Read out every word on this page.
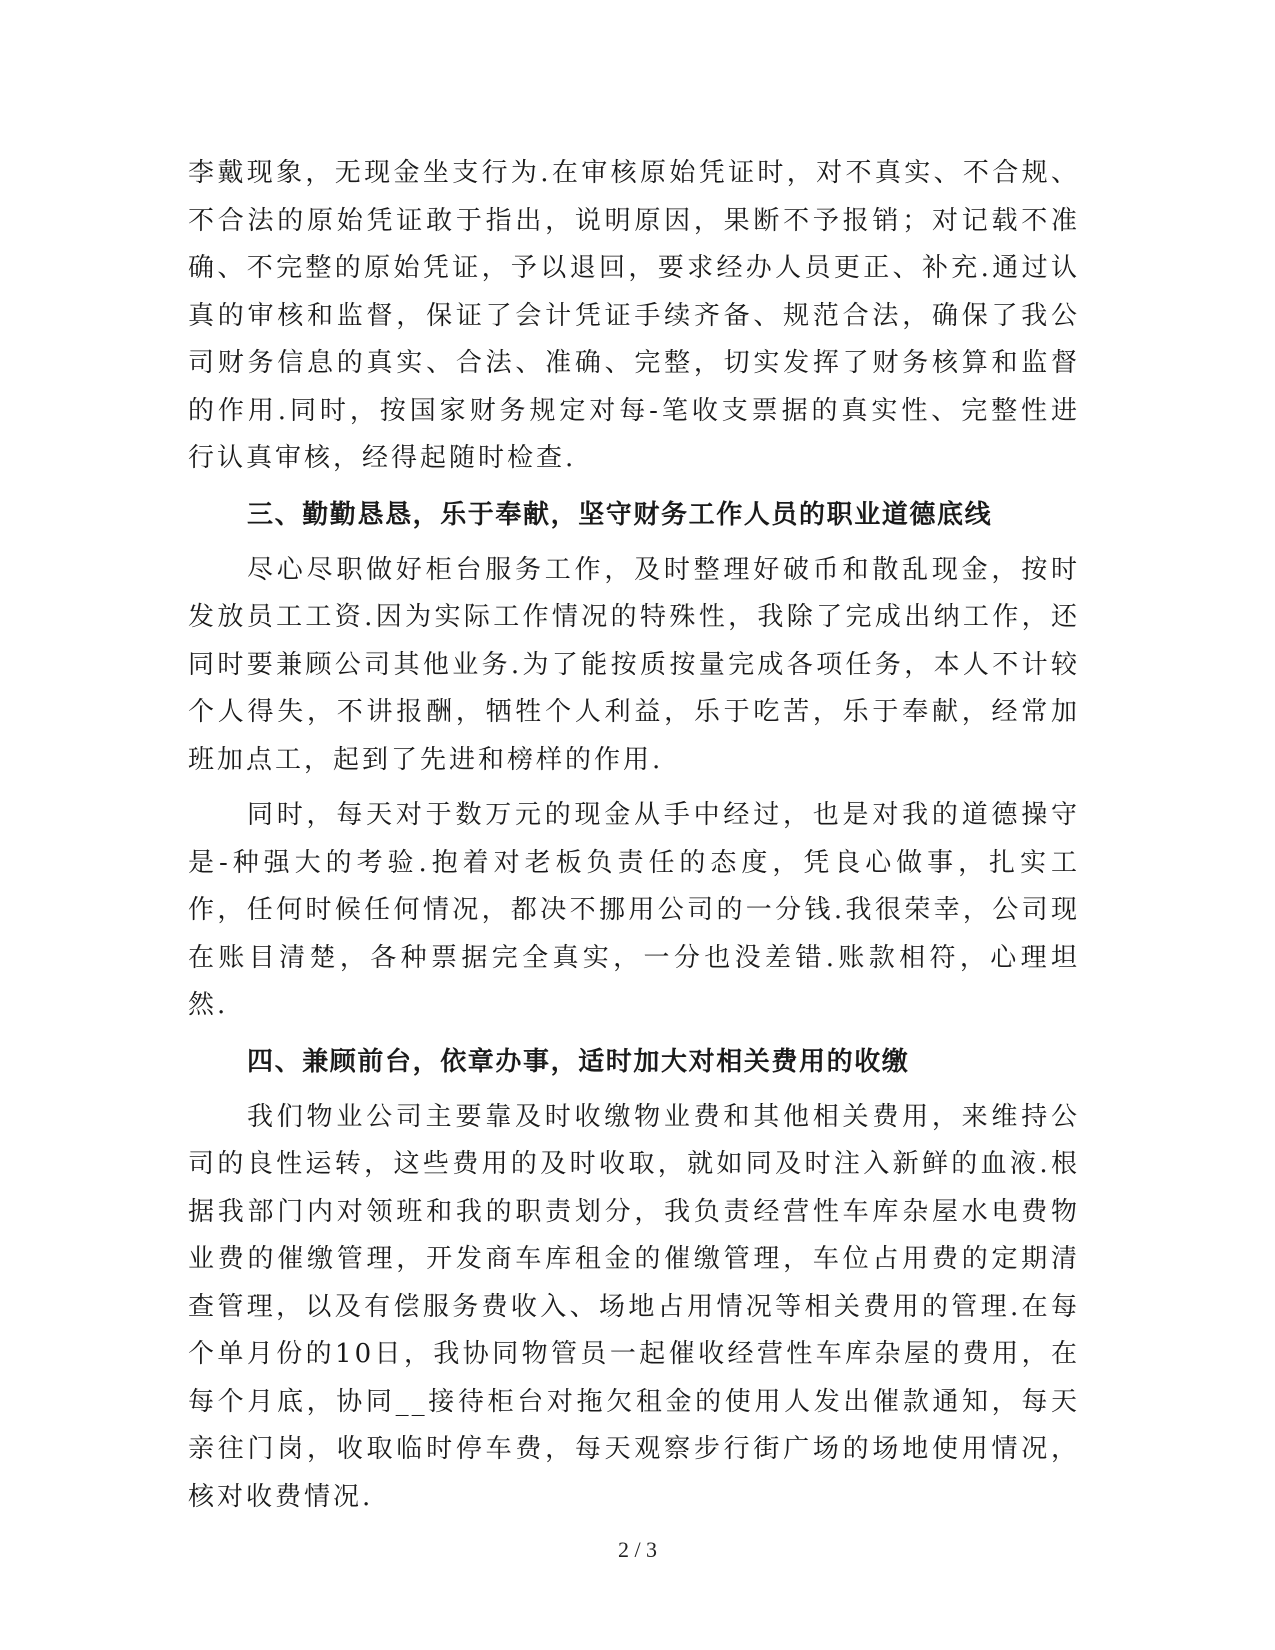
李戴现象，无现金坐支行为.在审核原始凭证时，对不真实、不合规、不合法的原始凭证敢于指出，说明原因，果断不予报销；对记载不准确、不完整的原始凭证，予以退回，要求经办人员更正、补充.通过认真的审核和监督，保证了会计凭证手续齐备、规范合法，确保了我公司财务信息的真实、合法、准确、完整，切实发挥了财务核算和监督的作用.同时，按国家财务规定对每-笔收支票据的真实性、完整性进行认真审核，经得起随时检查.

三、勤勤恳恳，乐于奉献，坚守财务工作人员的职业道德底线

尽心尽职做好柜台服务工作，及时整理好破币和散乱现金，按时发放员工工资.因为实际工作情况的特殊性，我除了完成出纳工作，还同时要兼顾公司其他业务.为了能按质按量完成各项任务，本人不计较个人得失，不讲报酬，牺牲个人利益，乐于吃苦，乐于奉献，经常加班加点工，起到了先进和榜样的作用.

同时，每天对于数万元的现金从手中经过，也是对我的道德操守是-种强大的考验.抱着对老板负责任的态度，凭良心做事，扎实工作，任何时候任何情况，都决不挪用公司的一分钱.我很荣幸，公司现在账目清楚，各种票据完全真实，一分也没差错.账款相符，心理坦然.

四、兼顾前台，依章办事，适时加大对相关费用的收缴

我们物业公司主要靠及时收缴物业费和其他相关费用，来维持公司的良性运转，这些费用的及时收取，就如同及时注入新鲜的血液.根据我部门内对领班和我的职责划分，我负责经营性车库杂屋水电费物业费的催缴管理，开发商车库租金的催缴管理，车位占用费的定期清查管理，以及有偿服务费收入、场地占用情况等相关费用的管理.在每个单月份的10日，我协同物管员一起催收经营性车库杂屋的费用，在每个月底，协同__接待柜台对拖欠租金的使用人发出催款通知，每天亲往门岗，收取临时停车费，每天观察步行街广场的场地使用情况，核对收费情况.

2 / 3
